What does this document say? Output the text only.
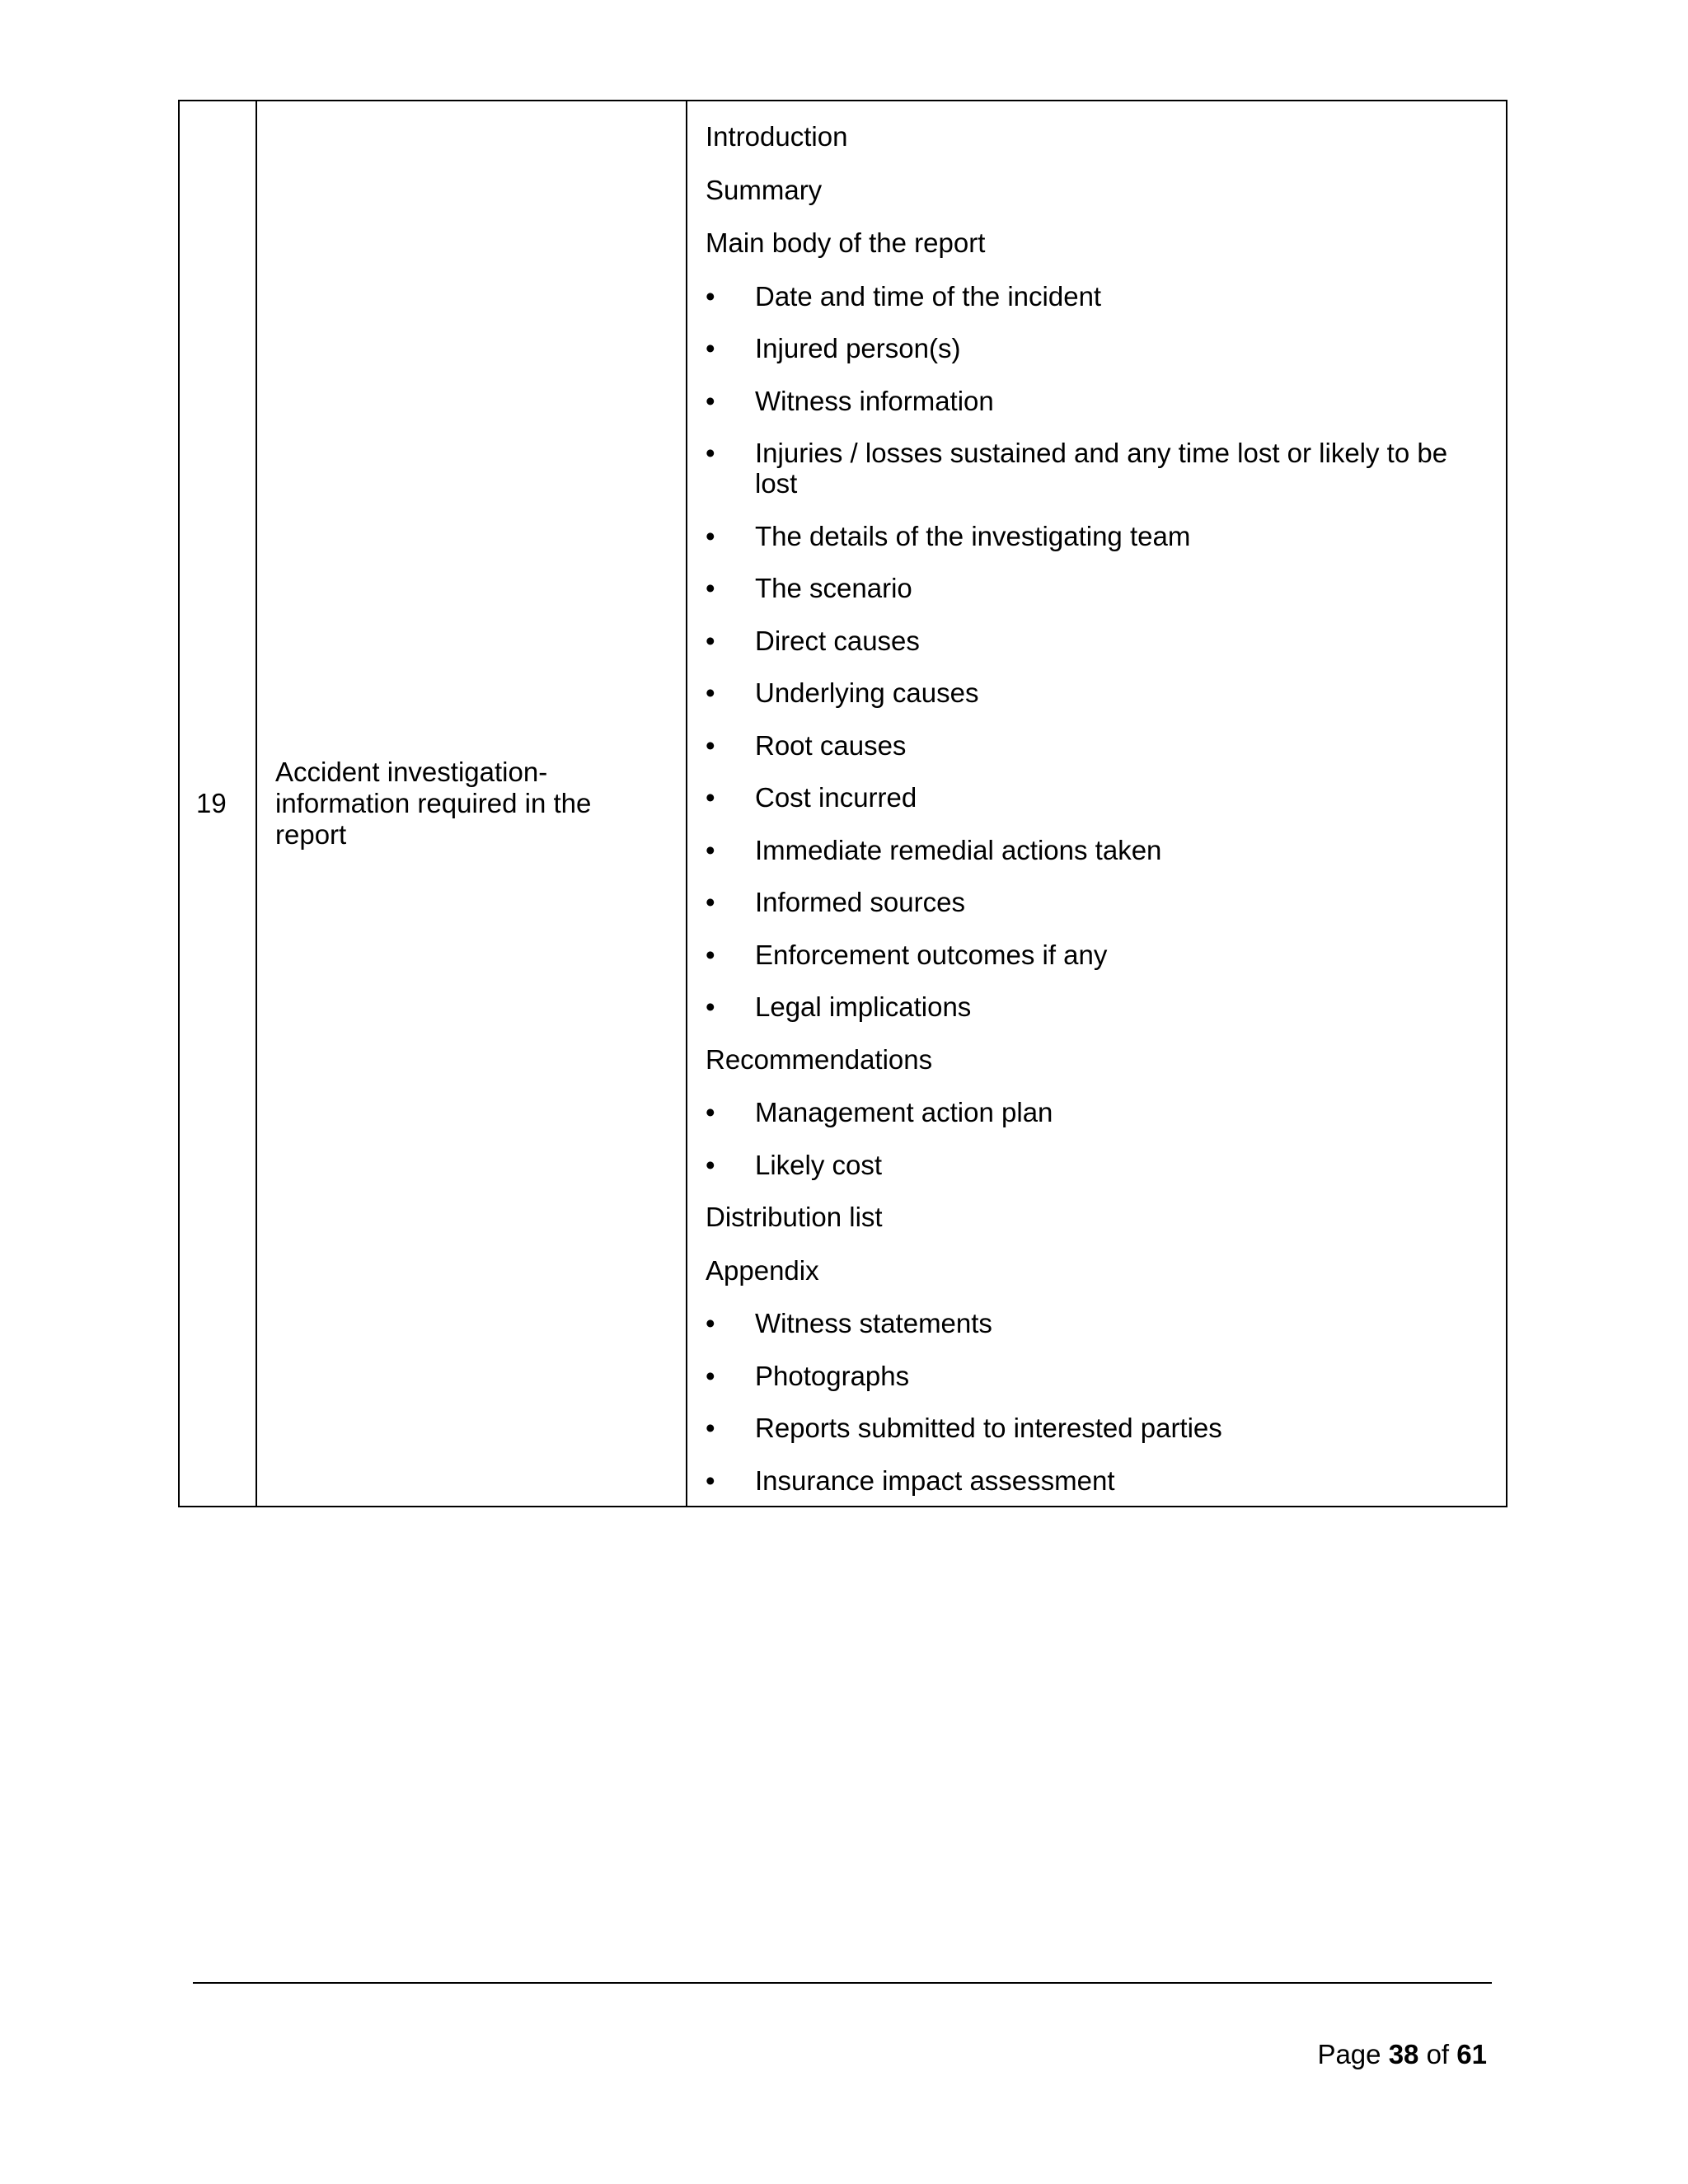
19	Accident investigation- information required in the report	
Introduction
Summary
Main body of the report
•	Date and time of the incident
•	Injured person(s)
•	Witness information
•	Injuries / losses sustained and any time lost or likely to be lost
•	The details of the investigating team
•	The scenario
•	Direct causes
•	Underlying causes
•	Root causes
•	Cost incurred
•	Immediate remedial actions taken
•	Informed sources
•	Enforcement outcomes if any
•	Legal implications
Recommendations
•	Management action plan
•	Likely cost
Distribution list
Appendix
•	Witness statements
•	Photographs
•	Reports submitted to interested parties
•	Insurance impact assessment
Page 38 of 61
